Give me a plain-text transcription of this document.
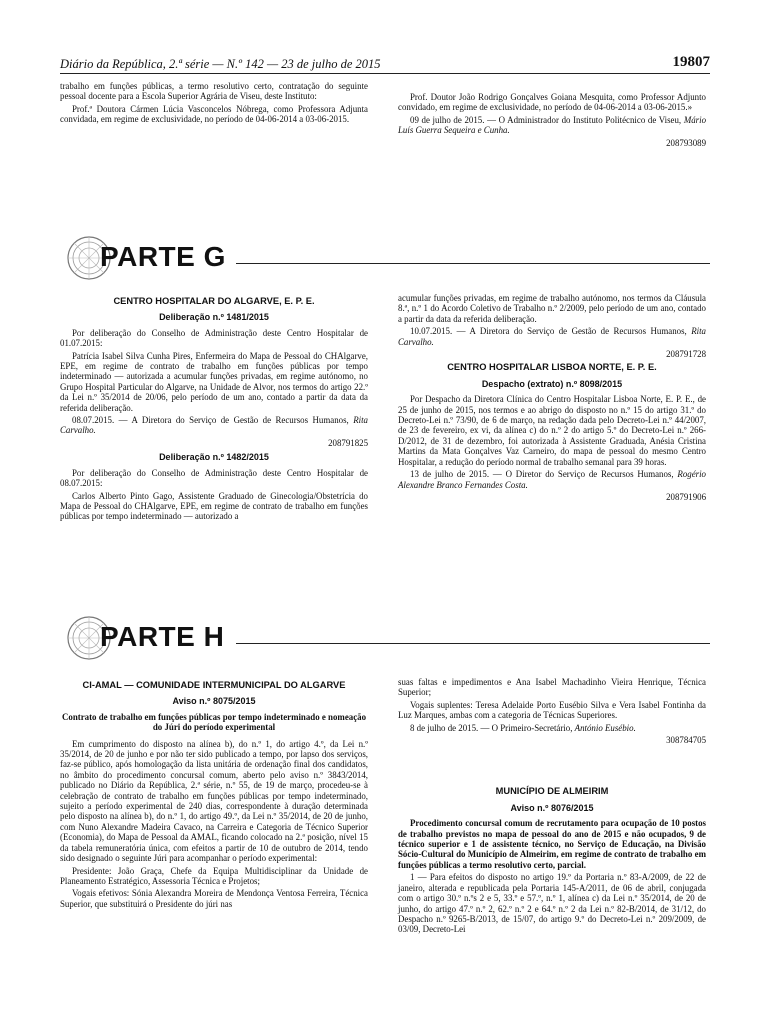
Diário da República, 2.ª série — N.º 142 — 23 de julho de 2015	19807

trabalho em funções públicas, a termo resolutivo certo, contratação do seguinte pessoal docente para a Escola Superior Agrária de Viseu, deste Instituto:

Prof.ª Doutora Cármen Lúcia Vasconcelos Nóbrega, como Professora Adjunta convidada, em regime de exclusividade, no período de 04-06-2014 a 03-06-2015.

Prof. Doutor João Rodrigo Gonçalves Goiana Mesquita, como Professor Adjunto convidado, em regime de exclusividade, no período de 04-06-2014 a 03-06-2015.»

09 de julho de 2015. — O Administrador do Instituto Politécnico de Viseu, Mário Luís Guerra Sequeira e Cunha.

208793089
PARTE G
CENTRO HOSPITALAR DO ALGARVE, E. P. E.
Deliberação n.º 1481/2015

Por deliberação do Conselho de Administração deste Centro Hospitalar de 01.07.2015:

Patrícia Isabel Silva Cunha Pires, Enfermeira do Mapa de Pessoal do CHAlgarve, EPE, em regime de contrato de trabalho em funções públicas por tempo indeterminado — autorizada a acumular funções privadas, em regime autónomo, no Grupo Hospital Particular do Algarve, na Unidade de Alvor, nos termos do artigo 22.º da Lei n.º 35/2014 de 20/06, pelo período de um ano, contado a partir da data da referida deliberação.

08.07.2015. — A Diretora do Serviço de Gestão de Recursos Humanos, Rita Carvalho.

208791825
Deliberação n.º 1482/2015

Por deliberação do Conselho de Administração deste Centro Hospitalar de 08.07.2015:

Carlos Alberto Pinto Gago, Assistente Graduado de Ginecologia/Obstetrícia do Mapa de Pessoal do CHAlgarve, EPE, em regime de contrato de trabalho em funções públicas por tempo indeterminado — autorizado a

acumular funções privadas, em regime de trabalho autónomo, nos termos da Cláusula 8.ª, n.º 1 do Acordo Coletivo de Trabalho n.º 2/2009, pelo período de um ano, contado a partir da data da referida deliberação.

10.07.2015. — A Diretora do Serviço de Gestão de Recursos Humanos, Rita Carvalho.

208791728
CENTRO HOSPITALAR LISBOA NORTE, E. P. E.
Despacho (extrato) n.º 8098/2015

Por Despacho da Diretora Clínica do Centro Hospitalar Lisboa Norte, E. P. E., de 25 de junho de 2015, nos termos e ao abrigo do disposto no n.º 15 do artigo 31.º do Decreto-Lei n.º 73/90, de 6 de março, na redação dada pelo Decreto-Lei n.º 44/2007, de 23 de fevereiro, ex vi, da alínea c) do n.º 2 do artigo 5.º do Decreto-Lei n.º 266-D/2012, de 31 de dezembro, foi autorizada à Assistente Graduada, Anésia Cristina Martins da Mata Gonçalves Vaz Carneiro, do mapa de pessoal do mesmo Centro Hospitalar, a redução do período normal de trabalho semanal para 39 horas.

13 de julho de 2015. — O Diretor do Serviço de Recursos Humanos, Rogério Alexandre Branco Fernandes Costa.

208791906
PARTE H
CI-AMAL — COMUNIDADE INTERMUNICIPAL DO ALGARVE
Aviso n.º 8075/2015
Contrato de trabalho em funções públicas por tempo indeterminado e nomeação do Júri do período experimental

Em cumprimento do disposto na alínea b), do n.º 1, do artigo 4.º, da Lei n.º 35/2014, de 20 de junho e por não ter sido publicado a tempo, por lapso dos serviços, faz-se público, após homologação da lista unitária de ordenação final dos candidatos, no âmbito do procedimento concursal comum, aberto pelo aviso n.º 3843/2014, publicado no Diário da República, 2.ª série, n.º 55, de 19 de março, procedeu-se à celebração de contrato de trabalho em funções públicas por tempo indeterminado, sujeito a período experimental de 240 dias, correspondente à duração determinada pelo disposto na alínea b), do n.º 1, do artigo 49.º, da Lei n.º 35/2014, de 20 de junho, com Nuno Alexandre Madeira Cavaco, na Carreira e Categoria de Técnico Superior (Economia), do Mapa de Pessoal da AMAL, ficando colocado na 2.ª posição, nível 15 da tabela remuneratória única, com efeitos a partir de 10 de outubro de 2014, tendo sido designado o seguinte Júri para acompanhar o período experimental:

Presidente: João Graça, Chefe da Equipa Multidisciplinar da Unidade de Planeamento Estratégico, Assessoria Técnica e Projetos;

Vogais efetivos: Sónia Alexandra Moreira de Mendonça Ventosa Ferreira, Técnica Superior, que substituirá o Presidente do júri nas

suas faltas e impedimentos e Ana Isabel Machadinho Vieira Henrique, Técnica Superior;

Vogais suplentes: Teresa Adelaide Porto Eusébio Silva e Vera Isabel Fontinha da Luz Marques, ambas com a categoria de Técnicas Superiores.

8 de julho de 2015. — O Primeiro-Secretário, António Eusébio.

308784705
MUNICÍPIO DE ALMEIRIM
Aviso n.º 8076/2015

Procedimento concursal comum de recrutamento para ocupação de 10 postos de trabalho previstos no mapa de pessoal do ano de 2015 e não ocupados, 9 de técnico superior e 1 de assistente técnico, no Serviço de Educação, na Divisão Sócio-Cultural do Município de Almeirim, em regime de contrato de trabalho em funções públicas a termo resolutivo certo, parcial.

1 — Para efeitos do disposto no artigo 19.º da Portaria n.º 83-A/2009, de 22 de janeiro, alterada e republicada pela Portaria 145-A/2011, de 06 de abril, conjugada com o artigo 30.º n.ºs 2 e 5, 33.º e 57.º, n.º 1, alínea c) da Lei n.º 35/2014, de 20 de junho, do artigo 47.º n.º 2, 62.º n.º 2 e 64.º n.º 2 da Lei n.º 82-B/2014, de 31/12, do Despacho n.º 9265-B/2013, de 15/07, do artigo 9.º do Decreto-Lei n.º 209/2009, de 03/09, Decreto-Lei
